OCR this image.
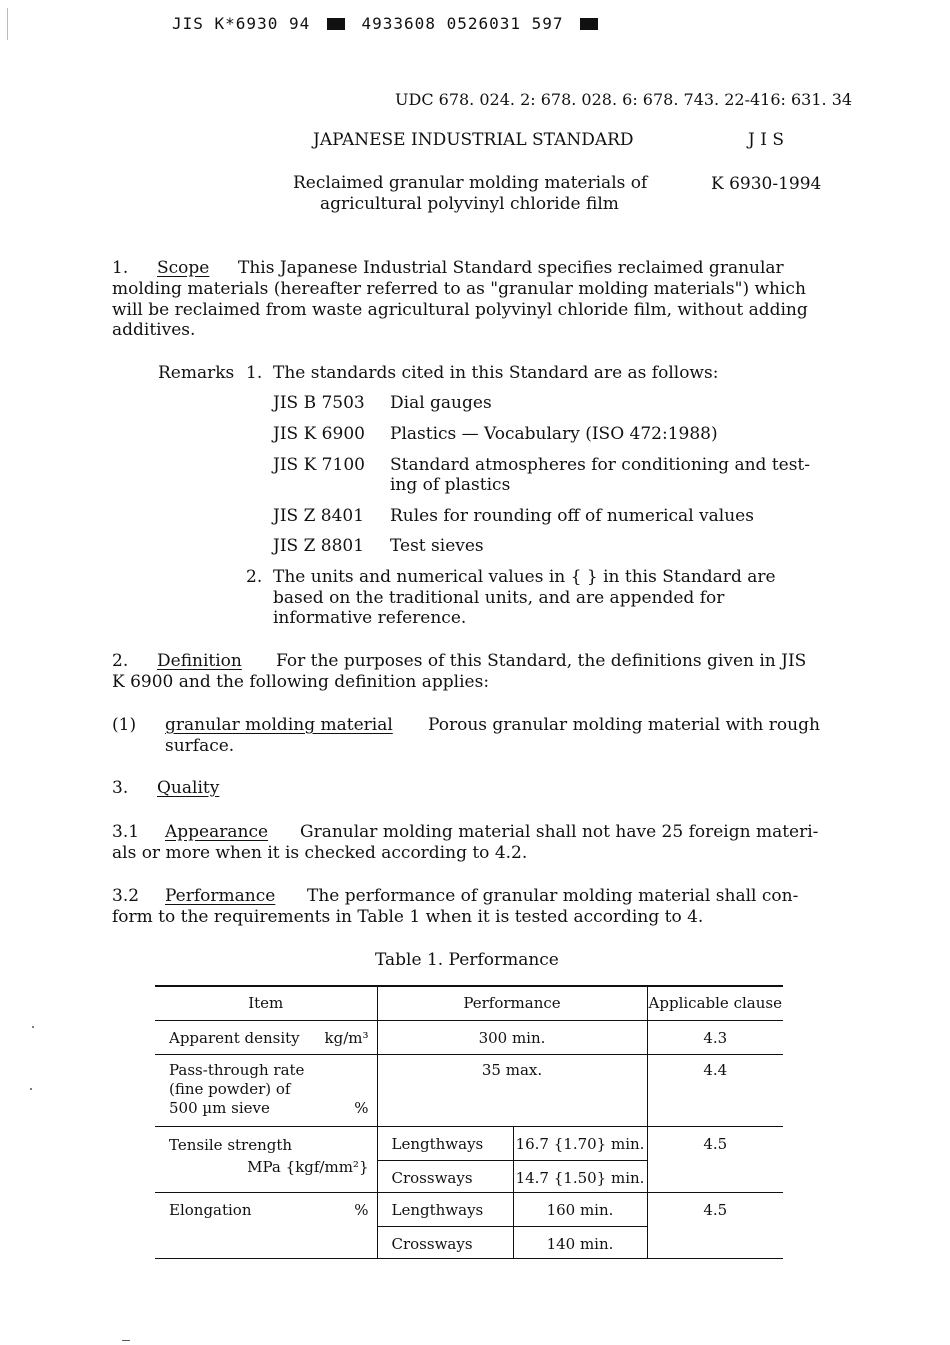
JIS K*6930 94	4933608 0526031 597
UDC 678. 024. 2: 678. 028. 6: 678. 743. 22-416: 631. 34
JAPANESE INDUSTRIAL STANDARD	J I S
Reclaimed granular molding materials of
agricultural polyvinyl chloride film
K 6930-1994
1. Scope This Japanese Industrial Standard specifies reclaimed granular
molding materials (hereafter referred to as "granular molding materials") which
will be reclaimed from waste agricultural polyvinyl chloride film, without adding
additives.
Remarks 1. The standards cited in this Standard are as follows:
JIS B 7503 Dial gauges
JIS K 6900 Plastics — Vocabulary (ISO 472:1988)
JIS K 7100 Standard atmospheres for conditioning and test-
ing of plastics
JIS Z 8401 Rules for rounding off of numerical values
JIS Z 8801 Test sieves
2. The units and numerical values in { } in this Standard are
based on the traditional units, and are appended for
informative reference.
2. Definition For the purposes of this Standard, the definitions given in JIS
K 6900 and the following definition applies:
(1) granular molding material Porous granular molding material with rough
surface.
3. Quality
3.1 Appearance Granular molding material shall not have 25 foreign materi-
als or more when it is checked according to 4.2.
3.2 Performance The performance of granular molding material shall con-
form to the requirements in Table 1 when it is tested according to 4.
Table 1. Performance
Item	Performance		Applicable clause
Apparent density kg/m³	300 min.		4.3

Pass-through rate
(fine powder) of
500 µm sieve %	35 max.		4.4

Tensile strength
MPa {kgf/mm²}	Lengthways	16.7 {1.70} min.	4.5
	Crossways	14.7 {1.50} min.	
Elongation %	Lengthways	160 min.	4.5
	Crossways	140 min.	
